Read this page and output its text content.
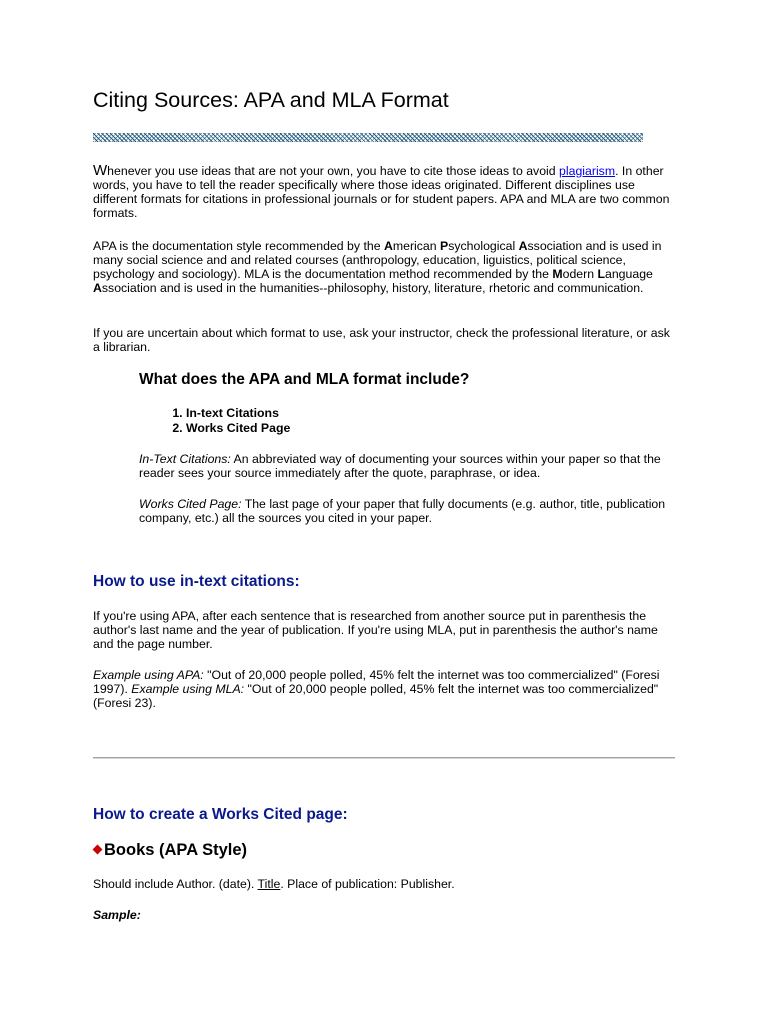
Citing Sources: APA and MLA Format

Whenever you use ideas that are not your own, you have to cite those ideas to avoid plagiarism. In other words, you have to tell the reader specifically where those ideas originated. Different disciplines use different formats for citations in professional journals or for student papers. APA and MLA are two common formats.

APA is the documentation style recommended by the American Psychological Association and is used in many social science and and related courses (anthropology, education, liguistics, political science, psychology and sociology). MLA is the documentation method recommended by the Modern Language Association and is used in the humanities--philosophy, history, literature, rhetoric and communication.

If you are uncertain about which format to use, ask your instructor, check the professional literature, or ask a librarian.

What does the APA and MLA format include?
1. In-text Citations
2. Works Cited Page

In-Text Citations: An abbreviated way of documenting your sources within your paper so that the reader sees your source immediately after the quote, paraphrase, or idea.

Works Cited Page: The last page of your paper that fully documents (e.g. author, title, publication company, etc.) all the sources you cited in your paper.

How to use in-text citations:

If you're using APA, after each sentence that is researched from another source put in parenthesis the author's last name and the year of publication. If you're using MLA, put in parenthesis the author's name and the page number.

Example using APA: "Out of 20,000 people polled, 45% felt the internet was too commercialized" (Foresi 1997). Example using MLA: "Out of 20,000 people polled, 45% felt the internet was too commercialized" (Foresi 23).

How to create a Works Cited page:
Books (APA Style)

Should include Author. (date). Title. Place of publication: Publisher.

Sample:
